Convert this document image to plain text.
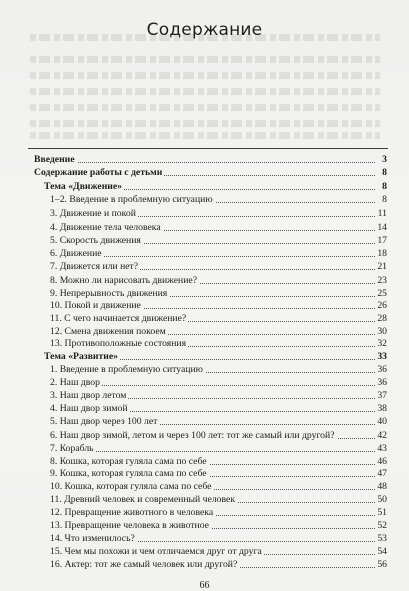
Содержание
Введение	3
Содержание работы с детьми	8
Тема «Движение»	8
1–2. Введение в проблемную ситуацию	8
3. Движение и покой	11
4. Движение тела человека	14
5. Скорость движения	17
6. Движение	18
7. Движется или нет?	21
8. Можно ли нарисовать движение?	23
9. Непрерывность движения	25
10. Покой и движение	26
11. С чего начинается движение?	28
12. Смена движения покоем	30
13. Противоположные состояния	32
Тема «Развитие»	33
1. Введение в проблемную ситуацию	36
2. Наш двор	36
3. Наш двор летом	37
4. Наш двор зимой	38
5. Наш двор через 100 лет	40
6. Наш двор зимой, летом и через 100 лет: тот же самый или другой?	42
7. Корабль	43
8. Кошка, которая гуляла сама по себе	46
9. Кошка, которая гуляла сама по себе	47
10. Кошка, которая гуляла сама по себе	48
11. Древний человек и современный человек	50
12. Превращение животного в человека	51
13. Превращение человека в животное	52
14. Что изменилось?	53
15. Чем мы похожи и чем отличаемся друг от друга	54
16. Актер: тот же самый человек или другой?	56
66
